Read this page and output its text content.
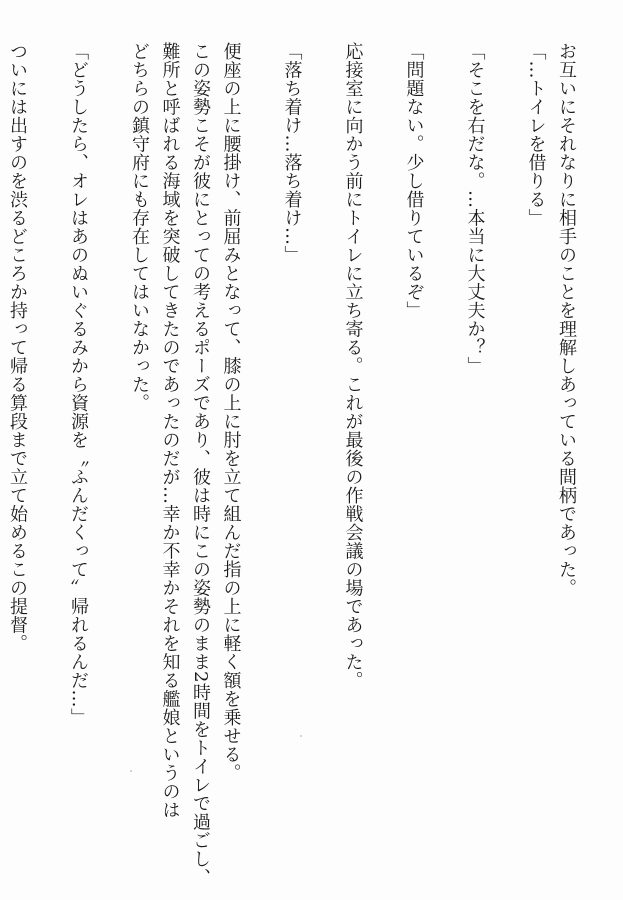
お互いにそれなりに相手のことを理解しあっている間柄であった。
「…トイレを借りる」
「そこを右だな。…本当に大丈夫か？」
「問題ない。少し借りているぞ」
応接室に向かう前にトイレに立ち寄る。これが最後の作戦会議の場であった。
「落ち着け…落ち着け…」
便座の上に腰掛け、前屈みとなって、膝の上に肘を立て組んだ指の上に軽く額を乗せる。
この姿勢こそが彼にとっての考えるポーズであり、彼は時にこの姿勢のまま2時間をトイレで過ごし、
難所と呼ばれる海域を突破してきたのであったのだが…幸か不幸かそれを知る艦娘というのは
どちらの鎮守府にも存在してはいなかった。
「どうしたら、オレはあのぬいぐるみから資源を〝ふんだくって〟帰れるんだ…」
ついには出すのを渋るどころか持って帰る算段まで立て始めるこの提督。
